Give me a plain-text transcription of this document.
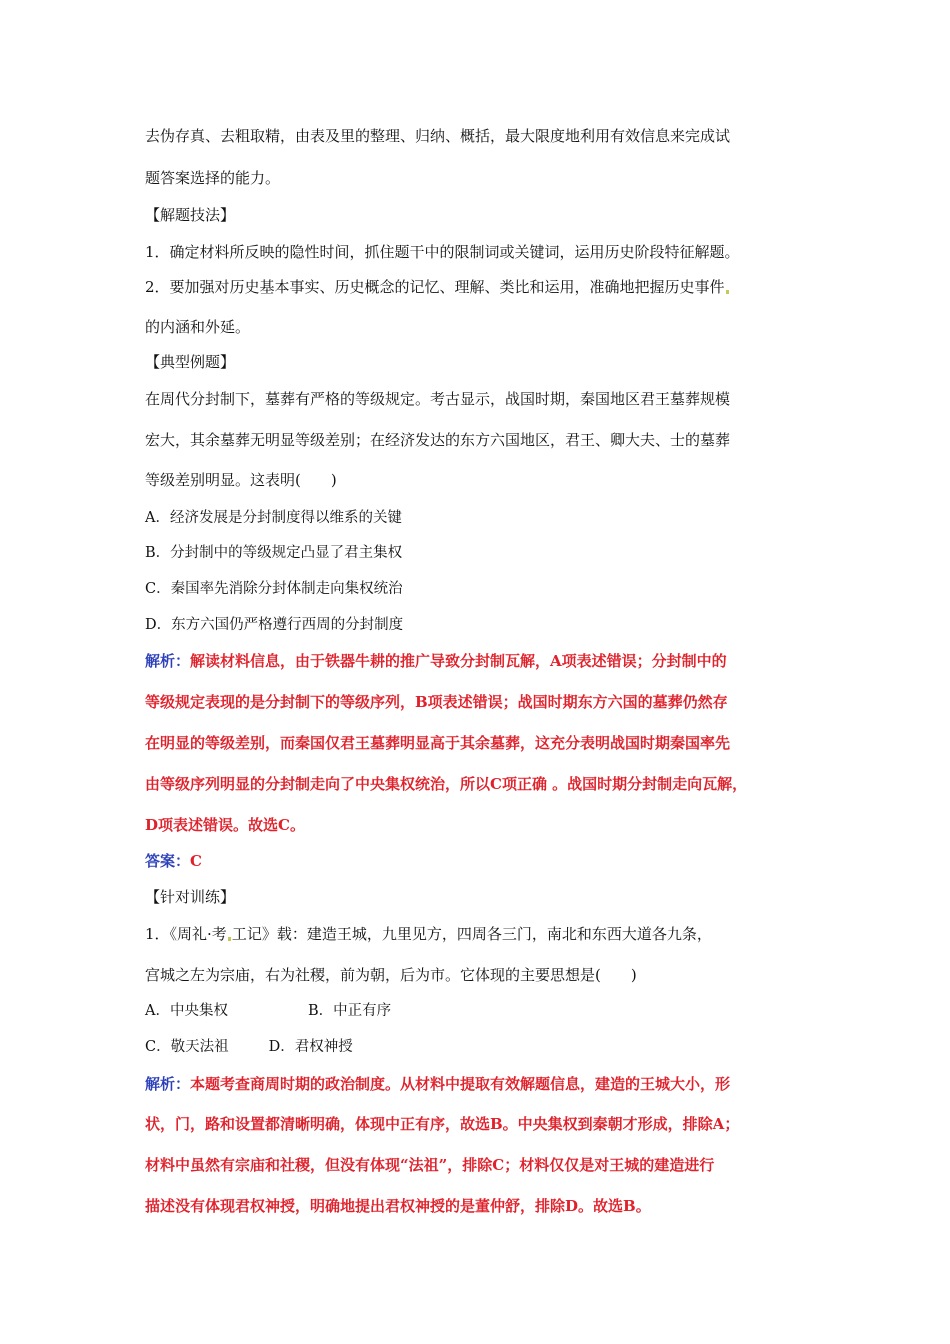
去伪存真、去粗取精，由表及里的整理、归纳、概括，最大限度地利用有效信息来完成试
题答案选择的能力。
【解题技法】
1．确定材料所反映的隐性时间，抓住题干中的限制词或关键词，运用历史阶段特征解题。
2．要加强对历史基本事实、历史概念的记忆、理解、类比和运用，准确地把握历史事件
的内涵和外延。
【典型例题】
在周代分封制下，墓葬有严格的等级规定。考古显示，战国时期，秦国地区君王墓葬规模
宏大，其余墓葬无明显等级差别；在经济发达的东方六国地区，君王、卿大夫、士的墓葬
等级差别明显。这表明(　　)
A．经济发展是分封制度得以维系的关键
B．分封制中的等级规定凸显了君主集权
C．秦国率先消除分封体制走向集权统治
D．东方六国仍严格遵行西周的分封制度
解析：解读材料信息，由于铁器牛耕的推广导致分封制瓦解，A项表述错误；分封制中的
等级规定表现的是分封制下的等级序列，B项表述错误；战国时期东方六国的墓葬仍然存
在明显的等级差别，而秦国仅君王墓葬明显高于其余墓葬，这充分表明战国时期秦国率先
由等级序列明显的分封制走向了中央集权统治，所以C项正确 。战国时期分封制走向瓦解，
D项表述错误。故选C。
答案：C
【针对训练】
1．《周礼·考 工记》载：建造王城，九里见方，四周各三门，南北和东西大道各九条，
宫城之左为宗庙，右为社稷，前为朝，后为市。它体现的主要思想是(　　)
A．中央集权	B．中正有序
C．敬天法祖	D．君权神授
解析：本题考查商周时期的政治制度。从材料中提取有效解题信息，建造的王城大小，形
状，门，路和设置都清晰明确，体现中正有序，故选B。中央集权到秦朝才形成，排除A；
材料中虽然有宗庙和社稷，但没有体现“法祖”，排除C；材料仅仅是对王城的建造进行
描述没有体现君权神授，明确地提出君权神授的是董仲舒，排除D。故选B。
